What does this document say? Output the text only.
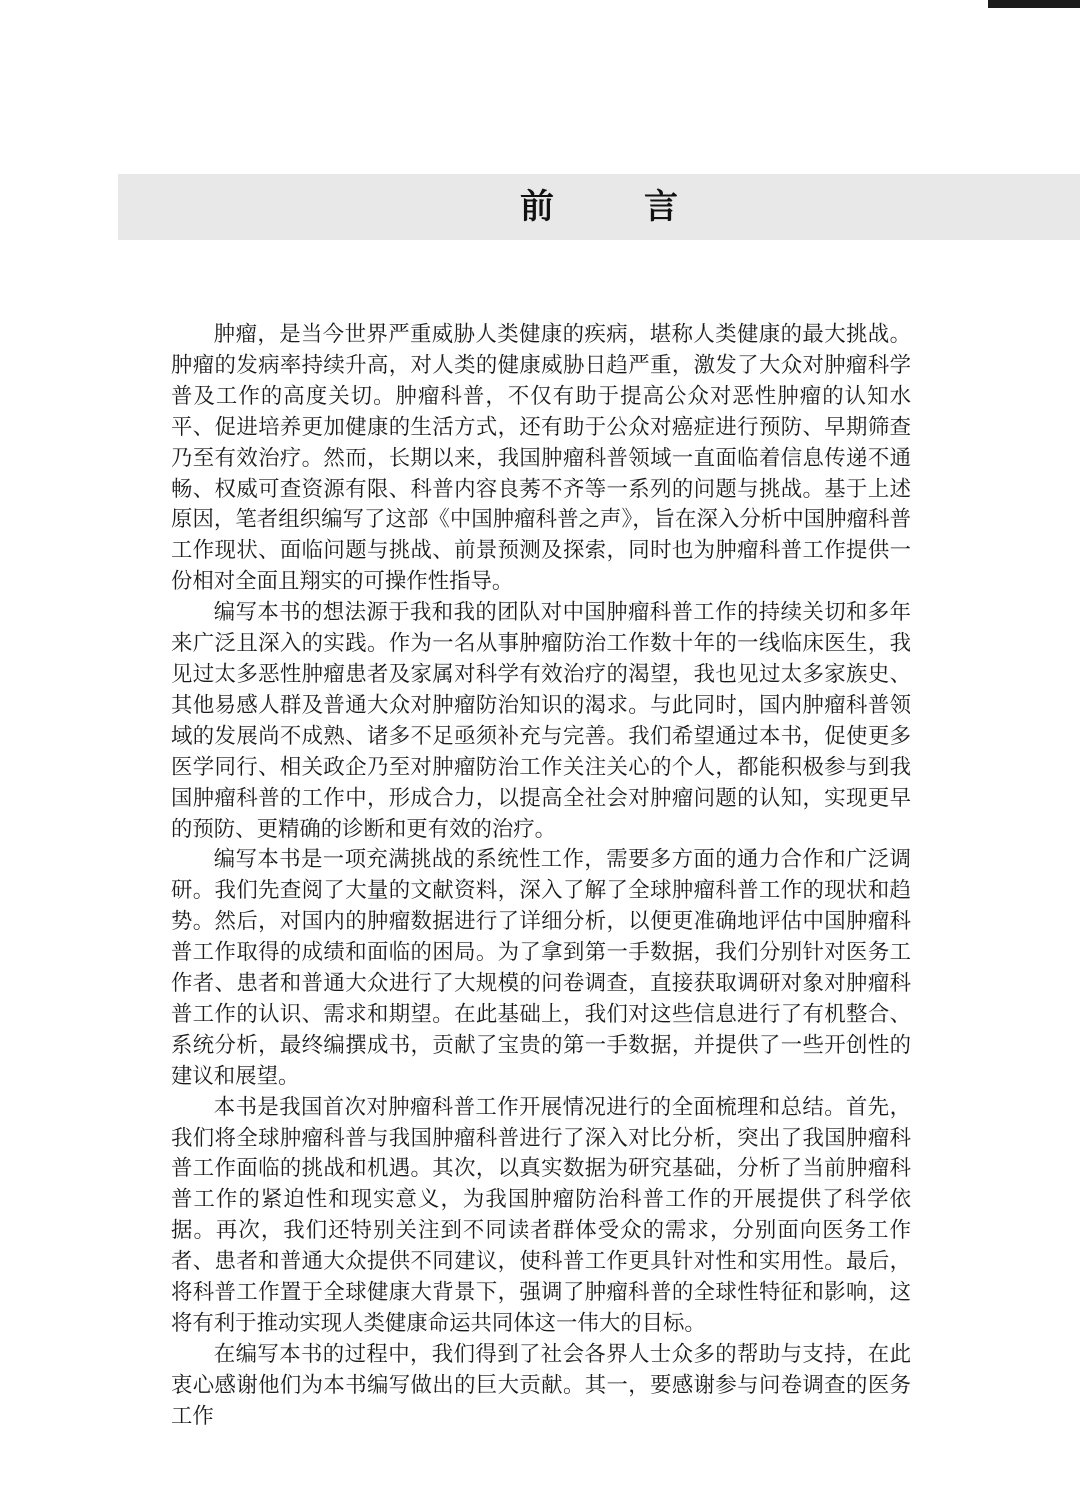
前　言

肿瘤，是当今世界严重威胁人类健康的疾病，堪称人类健康的最大挑战。肿瘤的发病率持续升高，对人类的健康威胁日趋严重，激发了大众对肿瘤科学普及工作的高度关切。肿瘤科普，不仅有助于提高公众对恶性肿瘤的认知水平、促进培养更加健康的生活方式，还有助于公众对癌症进行预防、早期筛查乃至有效治疗。然而，长期以来，我国肿瘤科普领域一直面临着信息传递不通畅、权威可查资源有限、科普内容良莠不齐等一系列的问题与挑战。基于上述原因，笔者组织编写了这部《中国肿瘤科普之声》，旨在深入分析中国肿瘤科普工作现状、面临问题与挑战、前景预测及探索，同时也为肿瘤科普工作提供一份相对全面且翔实的可操作性指导。

编写本书的想法源于我和我的团队对中国肿瘤科普工作的持续关切和多年来广泛且深入的实践。作为一名从事肿瘤防治工作数十年的一线临床医生，我见过太多恶性肿瘤患者及家属对科学有效治疗的渴望，我也见过太多家族史、其他易感人群及普通大众对肿瘤防治知识的渴求。与此同时，国内肿瘤科普领域的发展尚不成熟、诸多不足亟须补充与完善。我们希望通过本书，促使更多医学同行、相关政企乃至对肿瘤防治工作关注关心的个人，都能积极参与到我国肿瘤科普的工作中，形成合力，以提高全社会对肿瘤问题的认知，实现更早的预防、更精确的诊断和更有效的治疗。

编写本书是一项充满挑战的系统性工作，需要多方面的通力合作和广泛调研。我们先查阅了大量的文献资料，深入了解了全球肿瘤科普工作的现状和趋势。然后，对国内的肿瘤数据进行了详细分析，以便更准确地评估中国肿瘤科普工作取得的成绩和面临的困局。为了拿到第一手数据，我们分别针对医务工作者、患者和普通大众进行了大规模的问卷调查，直接获取调研对象对肿瘤科普工作的认识、需求和期望。在此基础上，我们对这些信息进行了有机整合、系统分析，最终编撰成书，贡献了宝贵的第一手数据，并提供了一些开创性的建议和展望。

本书是我国首次对肿瘤科普工作开展情况进行的全面梳理和总结。首先，我们将全球肿瘤科普与我国肿瘤科普进行了深入对比分析，突出了我国肿瘤科普工作面临的挑战和机遇。其次，以真实数据为研究基础，分析了当前肿瘤科普工作的紧迫性和现实意义，为我国肿瘤防治科普工作的开展提供了科学依据。再次，我们还特别关注到不同读者群体受众的需求，分别面向医务工作者、患者和普通大众提供不同建议，使科普工作更具针对性和实用性。最后，将科普工作置于全球健康大背景下，强调了肿瘤科普的全球性特征和影响，这将有利于推动实现人类健康命运共同体这一伟大的目标。

在编写本书的过程中，我们得到了社会各界人士众多的帮助与支持，在此衷心感谢他们为本书编写做出的巨大贡献。其一，要感谢参与问卷调查的医务工作
